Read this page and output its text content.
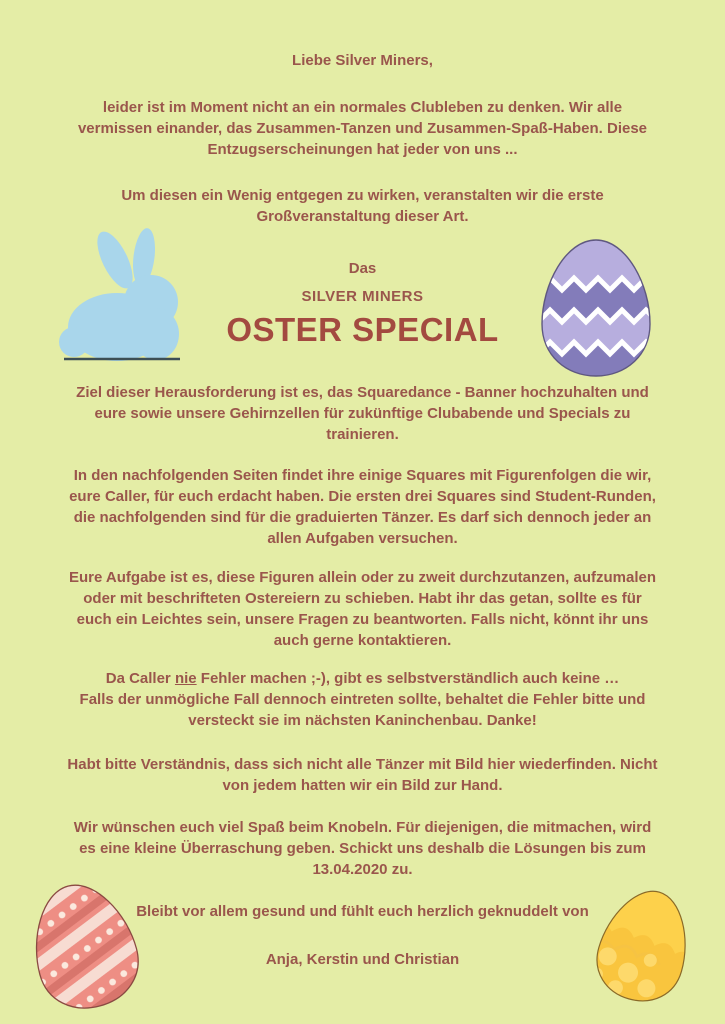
Liebe Silver Miners,
leider ist im Moment nicht an ein normales Clubleben zu denken. Wir alle
vermissen einander, das Zusammen-Tanzen und Zusammen-Spaß-Haben. Diese
Entzugserscheinungen hat jeder von uns ...
Um diesen ein Wenig entgegen zu wirken, veranstalten wir die erste
Großveranstaltung dieser Art.
Das
SILVER MINERS
OSTER SPECIAL
Ziel dieser Herausforderung ist es, das Squaredance - Banner hochzuhalten und
eure sowie unsere Gehirnzellen für zukünftige Clubabende und Specials zu
trainieren.
In den nachfolgenden Seiten findet ihre einige Squares mit Figurenfolgen die wir,
eure Caller, für euch erdacht haben. Die ersten drei Squares sind Student-Runden,
die nachfolgenden sind für die graduierten Tänzer. Es darf sich dennoch jeder an
allen Aufgaben versuchen.
Eure Aufgabe ist es, diese Figuren allein oder zu zweit durchzutanzen, aufzumalen
oder mit beschrifteten Ostereiern zu schieben. Habt ihr das getan, sollte es für
euch ein Leichtes sein, unsere Fragen zu beantworten. Falls nicht, könnt ihr uns
auch gerne kontaktieren.
Da Caller nie Fehler machen ;-), gibt es selbstverständlich auch keine …
Falls der unmögliche Fall dennoch eintreten sollte, behaltet die Fehler bitte und
versteckt sie im nächsten Kaninchenbau. Danke!
Habt bitte Verständnis, dass sich nicht alle Tänzer mit Bild hier wiederfinden. Nicht
von jedem hatten wir ein Bild zur Hand.
Wir wünschen euch viel Spaß beim Knobeln. Für diejenigen, die mitmachen, wird
es eine kleine Überraschung geben. Schickt uns deshalb die Lösungen bis zum
13.04.2020 zu.
Bleibt vor allem gesund und fühlt euch herzlich geknuddelt von
Anja, Kerstin und Christian
